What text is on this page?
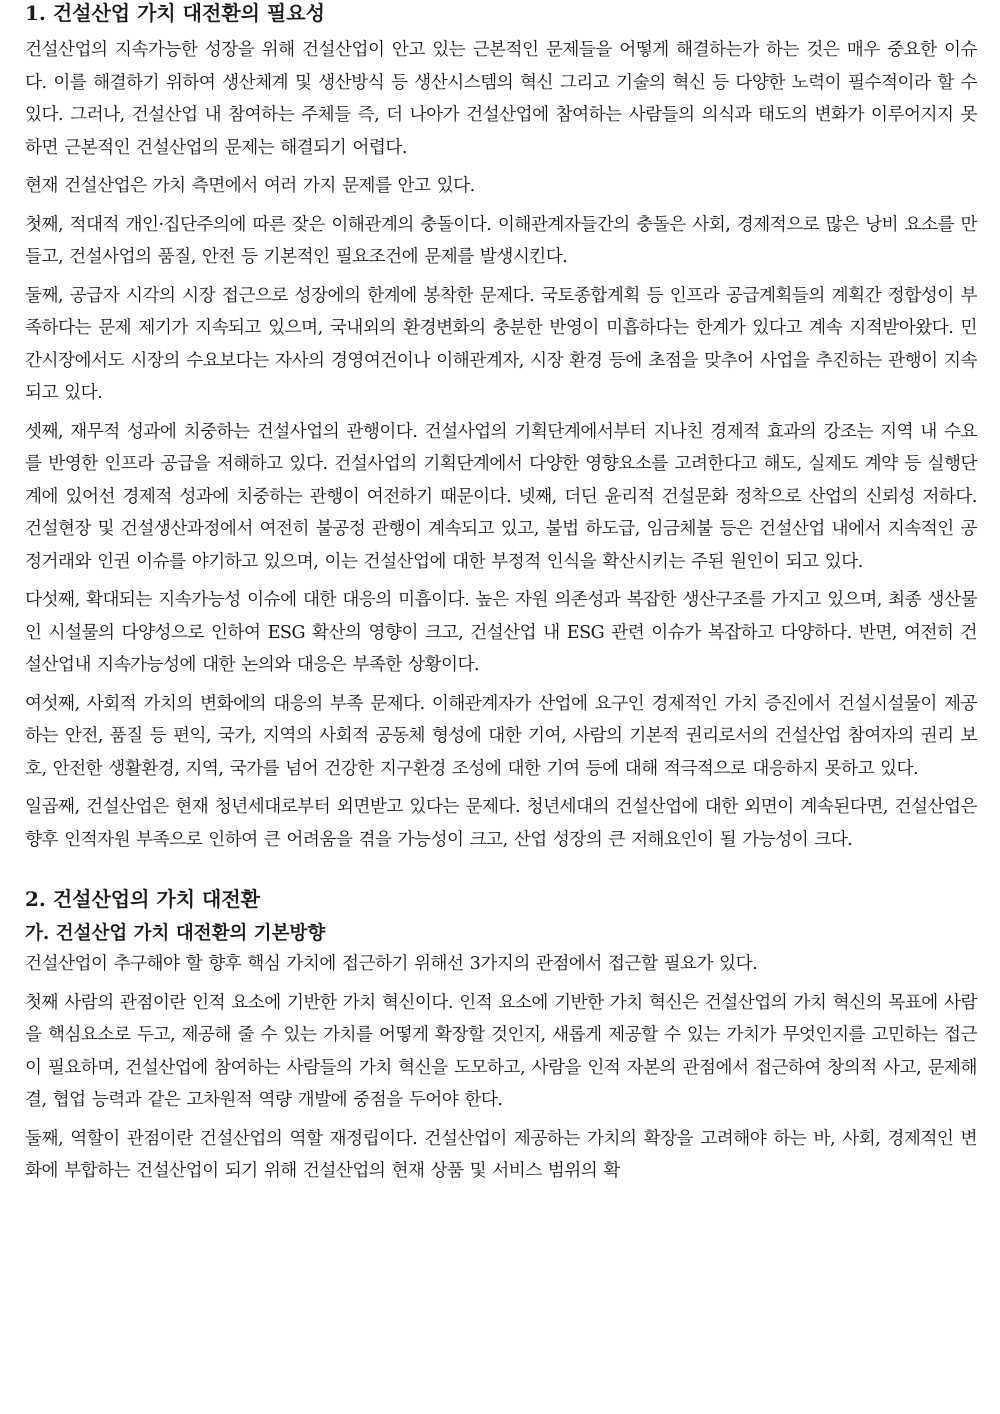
1. 건설산업 가치 대전환의 필요성

건설산업의 지속가능한 성장을 위해 건설산업이 안고 있는 근본적인 문제들을 어떻게 해결하는가 하는 것은 매우 중요한 이슈다. 이를 해결하기 위하여 생산체계 및 생산방식 등 생산시스템의 혁신 그리고 기술의 혁신 등 다양한 노력이 필수적이라 할 수 있다. 그러나, 건설산업 내 참여하는 주체들 즉, 더 나아가 건설산업에 참여하는 사람들의 의식과 태도의 변화가 이루어지지 못하면 근본적인 건설산업의 문제는 해결되기 어렵다.

현재 건설산업은 가치 측면에서 여러 가지 문제를 안고 있다.

첫째, 적대적 개인·집단주의에 따른 잦은 이해관계의 충돌이다. 이해관계자들간의 충돌은 사회, 경제적으로 많은 낭비 요소를 만들고, 건설사업의 품질, 안전 등 기본적인 필요조건에 문제를 발생시킨다.

둘째, 공급자 시각의 시장 접근으로 성장에의 한계에 봉착한 문제다. 국토종합계획 등 인프라 공급계획들의 계획간 정합성이 부족하다는 문제 제기가 지속되고 있으며, 국내외의 환경변화의 충분한 반영이 미흡하다는 한계가 있다고 계속 지적받아왔다. 민간시장에서도 시장의 수요보다는 자사의 경영여건이나 이해관계자, 시장 환경 등에 초점을 맞추어 사업을 추진하는 관행이 지속되고 있다.

셋째, 재무적 성과에 치중하는 건설사업의 관행이다. 건설사업의 기획단계에서부터 지나친 경제적 효과의 강조는 지역 내 수요를 반영한 인프라 공급을 저해하고 있다. 건설사업의 기획단계에서 다양한 영향요소를 고려한다고 해도, 실제도 계약 등 실행단계에 있어선 경제적 성과에 치중하는 관행이 여전하기 때문이다. 넷째, 더딘 윤리적 건설문화 정착으로 산업의 신뢰성 저하다. 건설현장 및 건설생산과정에서 여전히 불공정 관행이 계속되고 있고, 불법 하도급, 임금체불 등은 건설산업 내에서 지속적인 공정거래와 인권 이슈를 야기하고 있으며, 이는 건설산업에 대한 부정적 인식을 확산시키는 주된 원인이 되고 있다.

다섯째, 확대되는 지속가능성 이슈에 대한 대응의 미흡이다. 높은 자원 의존성과 복잡한 생산구조를 가지고 있으며, 최종 생산물인 시설물의 다양성으로 인하여 ESG 확산의 영향이 크고, 건설산업 내 ESG 관련 이슈가 복잡하고 다양하다. 반면, 여전히 건설산업내 지속가능성에 대한 논의와 대응은 부족한 상황이다.

여섯째, 사회적 가치의 변화에의 대응의 부족 문제다. 이해관계자가 산업에 요구인 경제적인 가치 증진에서 건설시설물이 제공하는 안전, 품질 등 편익, 국가, 지역의 사회적 공동체 형성에 대한 기여, 사람의 기본적 권리로서의 건설산업 참여자의 권리 보호, 안전한 생활환경, 지역, 국가를 넘어 건강한 지구환경 조성에 대한 기여 등에 대해 적극적으로 대응하지 못하고 있다.

일곱째, 건설산업은 현재 청년세대로부터 외면받고 있다는 문제다. 청년세대의 건설산업에 대한 외면이 계속된다면, 건설산업은 향후 인적자원 부족으로 인하여 큰 어려움을 겪을 가능성이 크고, 산업 성장의 큰 저해요인이 될 가능성이 크다.

2. 건설산업의 가치 대전환
가. 건설산업 가치 대전환의 기본방향

건설산업이 추구해야 할 향후 핵심 가치에 접근하기 위해선 3가지의 관점에서 접근할 필요가 있다.

첫째 사람의 관점이란 인적 요소에 기반한 가치 혁신이다. 인적 요소에 기반한 가치 혁신은 건설산업의 가치 혁신의 목표에 사람을 핵심요소로 두고, 제공해 줄 수 있는 가치를 어떻게 확장할 것인지, 새롭게 제공할 수 있는 가치가 무엇인지를 고민하는 접근이 필요하며, 건설산업에 참여하는 사람들의 가치 혁신을 도모하고, 사람을 인적 자본의 관점에서 접근하여 창의적 사고, 문제해결, 협업 능력과 같은 고차원적 역량 개발에 중점을 두어야 한다.

둘째, 역할이 관점이란 건설산업의 역할 재정립이다. 건설산업이 제공하는 가치의 확장을 고려해야 하는 바, 사회, 경제적인 변화에 부합하는 건설산업이 되기 위해 건설산업의 현재 상품 및 서비스 범위의 확
